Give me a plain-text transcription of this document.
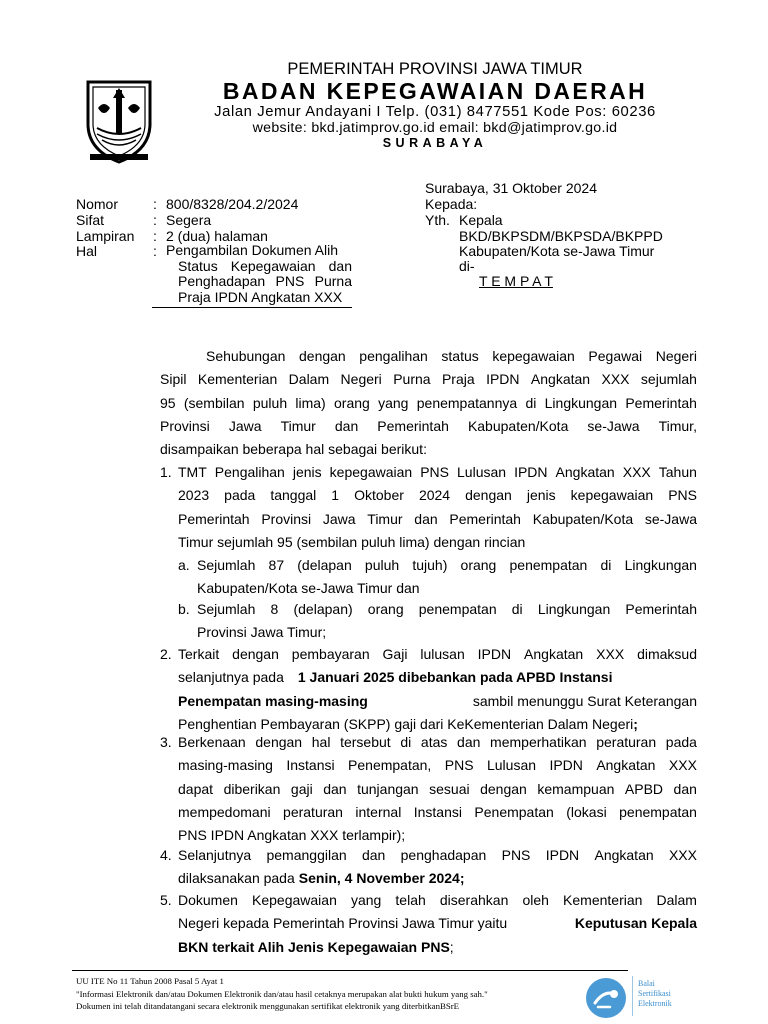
PEMERINTAH PROVINSI JAWA TIMUR
BADAN KEPEGAWAIAN DAERAH
Jalan Jemur Andayani I Telp. (031) 8477551 Kode Pos: 60236
website: bkd.jatimprov.go.id email: bkd@jatimprov.go.id
SURABAYA
Nomor : 800/8328/204.2/2024
Sifat	: Segera
Lampiran : 2 (dua) halaman
Hal	: Pengambilan Dokumen Alih
Status Kepegawaian dan
Penghadapan PNS Purna
Praja IPDN Angkatan XXX
Surabaya, 31 Oktober 2024
Kepada:
Yth. Kepala
BKD/BKPSDM/BKPSDA/BKPPD
Kabupaten/Kota se-Jawa Timur
di-
T E M P A T
Sehubungan dengan pengalihan status kepegawaian Pegawai Negeri
Sipil Kementerian Dalam Negeri Purna Praja IPDN Angkatan XXX sejumlah
95 (sembilan puluh lima) orang yang penempatannya di Lingkungan Pemerintah
Provinsi Jawa Timur dan Pemerintah Kabupaten/Kota se-Jawa Timur,
disampaikan beberapa hal sebagai berikut:
1. TMT Pengalihan jenis kepegawaian PNS Lulusan IPDN Angkatan XXX Tahun
2023 pada tanggal 1 Oktober 2024 dengan jenis kepegawaian PNS
Pemerintah Provinsi Jawa Timur dan Pemerintah Kabupaten/Kota se-Jawa
Timur sejumlah 95 (sembilan puluh lima) dengan rincian
a. Sejumlah 87 (delapan puluh tujuh) orang penempatan di Lingkungan
Kabupaten/Kota se-Jawa Timur dan
b. Sejumlah 8 (delapan) orang penempatan di Lingkungan Pemerintah
Provinsi Jawa Timur;
2. Terkait dengan pembayaran Gaji lulusan IPDN Angkatan XXX dimaksud
selanjutnya pada 1 Januari 2025 dibebankan pada APBD Instansi
Penempatan masing-masing	sambil menunggu Surat Keterangan
Penghentian Pembayaran (SKPP) gaji dari KeKementerian Dalam Negeri ;
3. Berkenaan dengan hal tersebut di atas dan memperhatikan peraturan pada
masing-masing Instansi Penempatan, PNS Lulusan IPDN Angkatan XXX
dapat diberikan gaji dan tunjangan sesuai dengan kemampuan APBD dan
mempedomani peraturan internal Instansi Penempatan (lokasi penempatan
PNS IPDN Angkatan XXX terlampir);
4. Selanjutnya pemanggilan dan penghadapan PNS IPDN Angkatan XXX
dilaksanakan pada Senin, 4 November 2024;
5. Dokumen Kepegawaian yang telah diserahkan oleh Kementerian Dalam
Negeri kepada Pemerintah Provinsi Jawa Timur yaitu	Keputusan Kepala
BKN terkait Alih Jenis Kepegawaian PNS ;
UU ITE No 11 Tahun 2008 Pasal 5 Ayat 1
"Informasi Elektronik dan/atau Dokumen Elektronik dan/atau hasil cetaknya merupakan alat bukti hukum yang sah."
Dokumen ini telah ditandatangani secara elektronik menggunakan sertifikat elektronik yang diterbitkanBSrE
Balai
Sertifikasi
Elektronik
